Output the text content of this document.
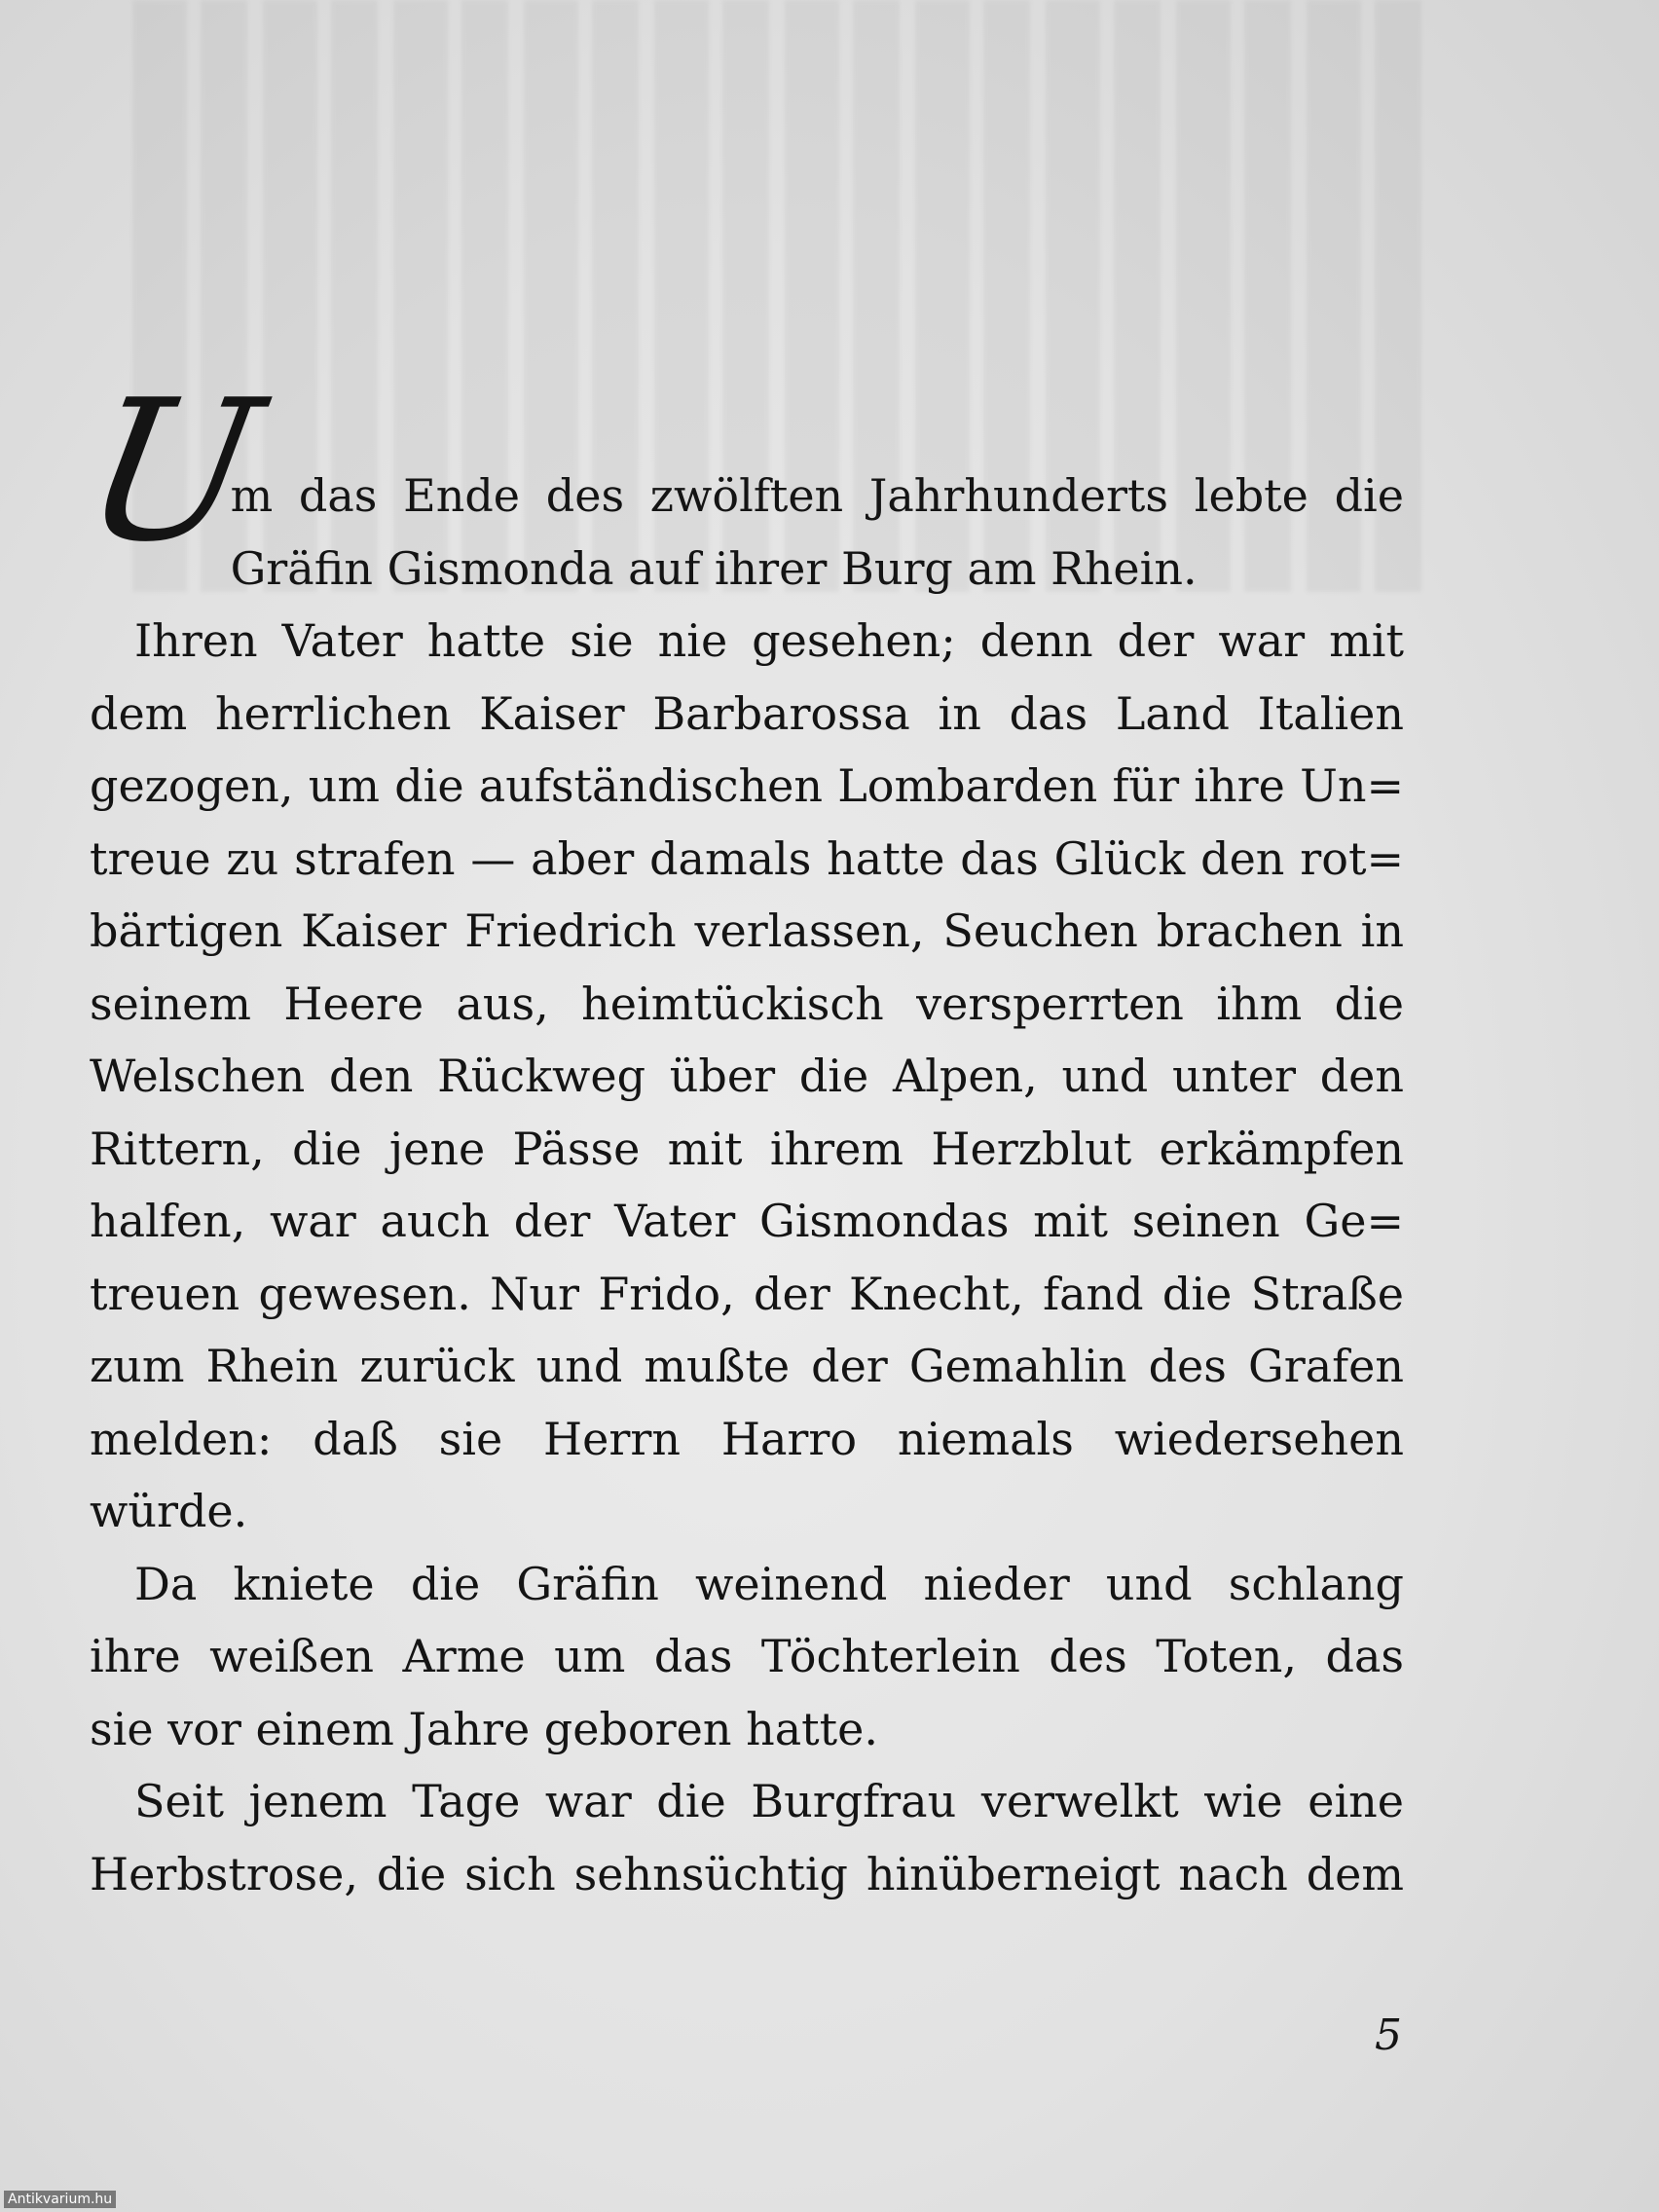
U
m das Ende des zwölften Jahrhunderts lebte die
Gräfin Gismonda auf ihrer Burg am Rhein.
Ihren Vater hatte sie nie gesehen; denn der war mit
dem herrlichen Kaiser Barbarossa in das Land Italien
gezogen, um die aufständischen Lombarden für ihre Un=
treue zu strafen — aber damals hatte das Glück den rot=
bärtigen Kaiser Friedrich verlassen, Seuchen brachen in
seinem Heere aus, heimtückisch versperrten ihm die
Welschen den Rückweg über die Alpen, und unter den
Rittern, die jene Pässe mit ihrem Herzblut erkämpfen
halfen, war auch der Vater Gismondas mit seinen Ge=
treuen gewesen. Nur Frido, der Knecht, fand die Straße
zum Rhein zurück und mußte der Gemahlin des Grafen
melden: daß sie Herrn Harro niemals wiedersehen
würde.
Da kniete die Gräfin weinend nieder und schlang
ihre weißen Arme um das Töchterlein des Toten, das
sie vor einem Jahre geboren hatte.
Seit jenem Tage war die Burgfrau verwelkt wie eine
Herbstrose, die sich sehnsüchtig hinüberneigt nach dem
5
Antikvarium.hu
